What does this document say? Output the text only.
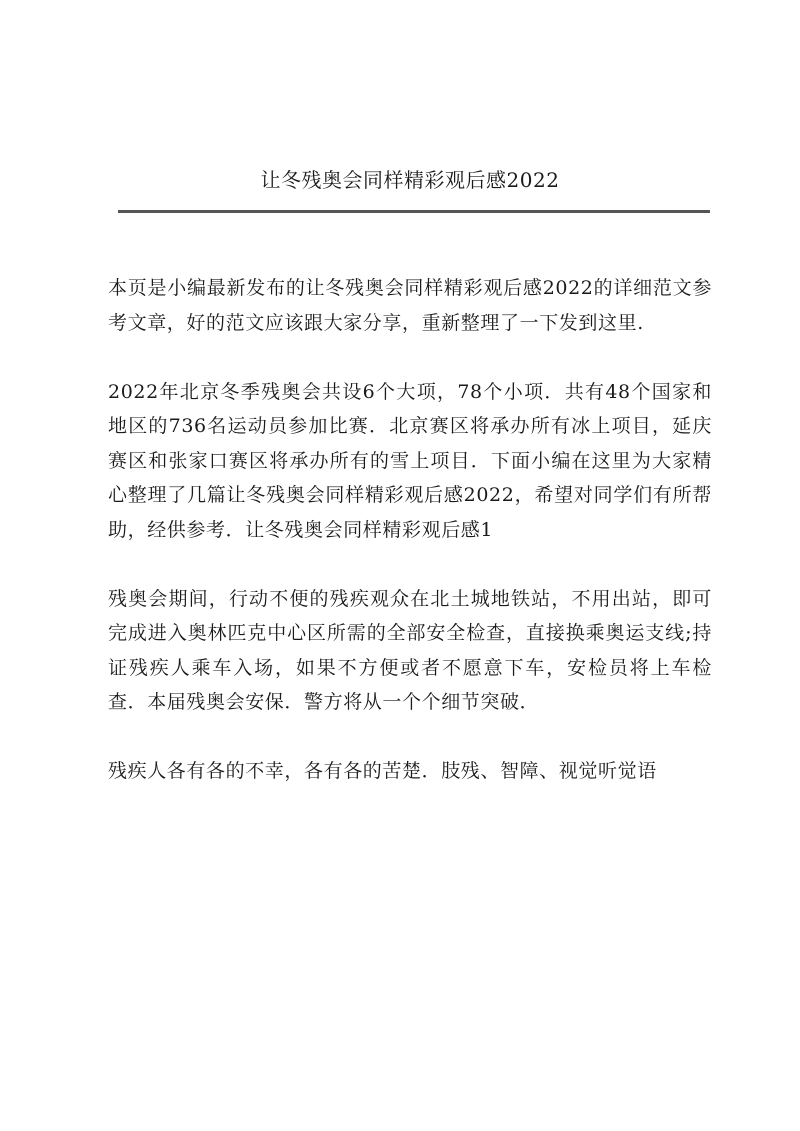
让冬残奥会同样精彩观后感2022

本页是小编最新发布的让冬残奥会同样精彩观后感2022的详细范文参考文章，好的范文应该跟大家分享，重新整理了一下发到这里.

2022年北京冬季残奥会共设6个大项，78个小项．共有48个国家和地区的736名运动员参加比赛．北京赛区将承办所有冰上项目，延庆赛区和张家口赛区将承办所有的雪上项目．下面小编在这里为大家精心整理了几篇让冬残奥会同样精彩观后感2022，希望对同学们有所帮助，经供参考．让冬残奥会同样精彩观后感1

残奥会期间，行动不便的残疾观众在北土城地铁站，不用出站，即可完成进入奥林匹克中心区所需的全部安全检查，直接换乘奥运支线;持证残疾人乘车入场，如果不方便或者不愿意下车，安检员将上车检查．本届残奥会安保．警方将从一个个细节突破．

残疾人各有各的不幸，各有各的苦楚．肢残、智障、视觉听觉语
